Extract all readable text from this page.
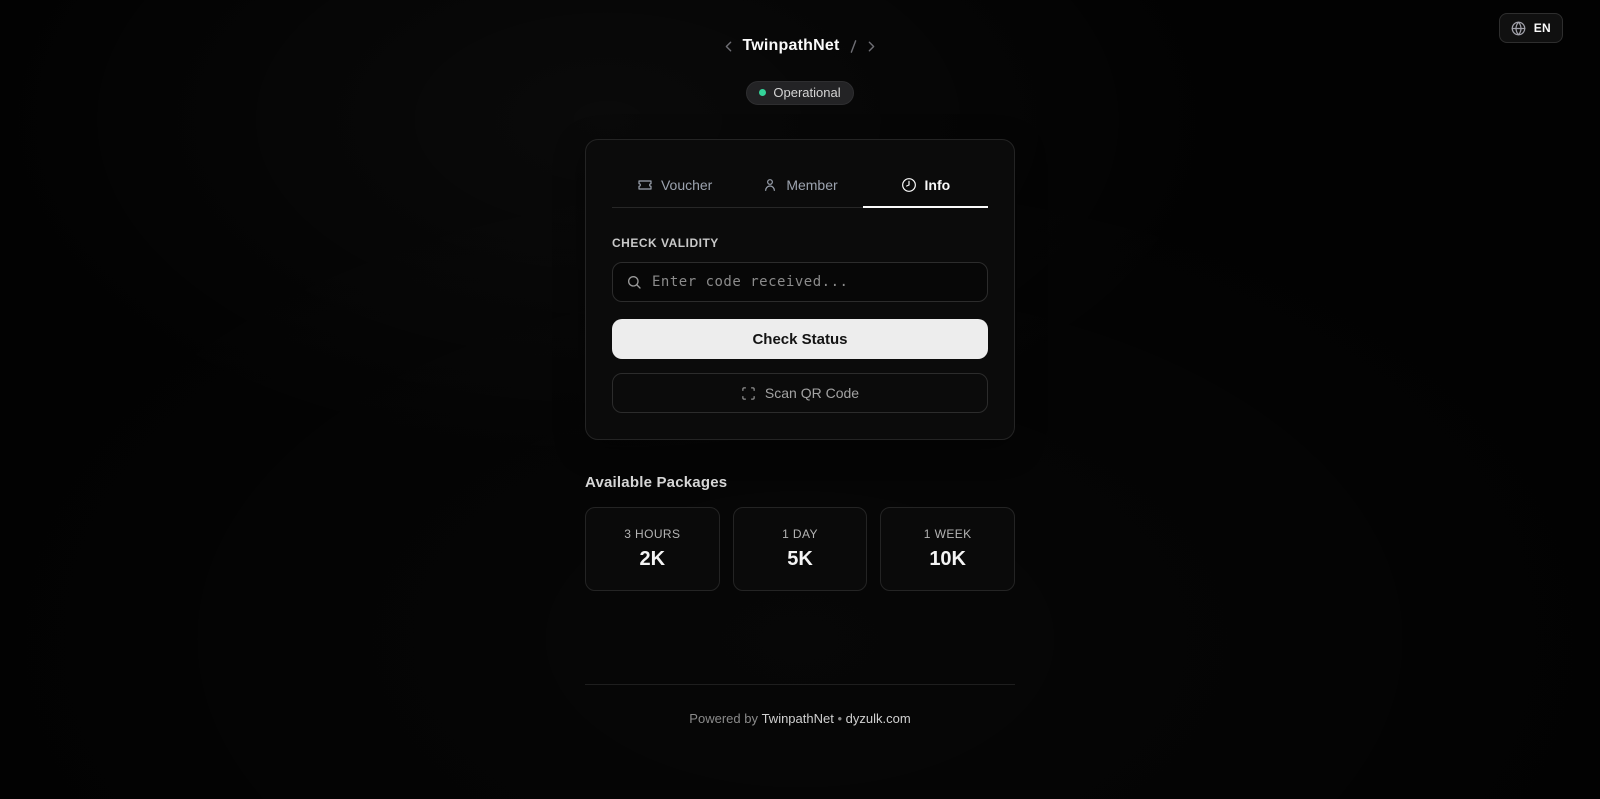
EN
TwinpathNet
Operational
Voucher	Member	Info
CHECK VALIDITY
Enter code received...
Check Status
Scan QR Code
Available Packages
3 HOURS
2K
1 DAY
5K
1 WEEK
10K

Powered by TwinpathNet • dyzulk.com
